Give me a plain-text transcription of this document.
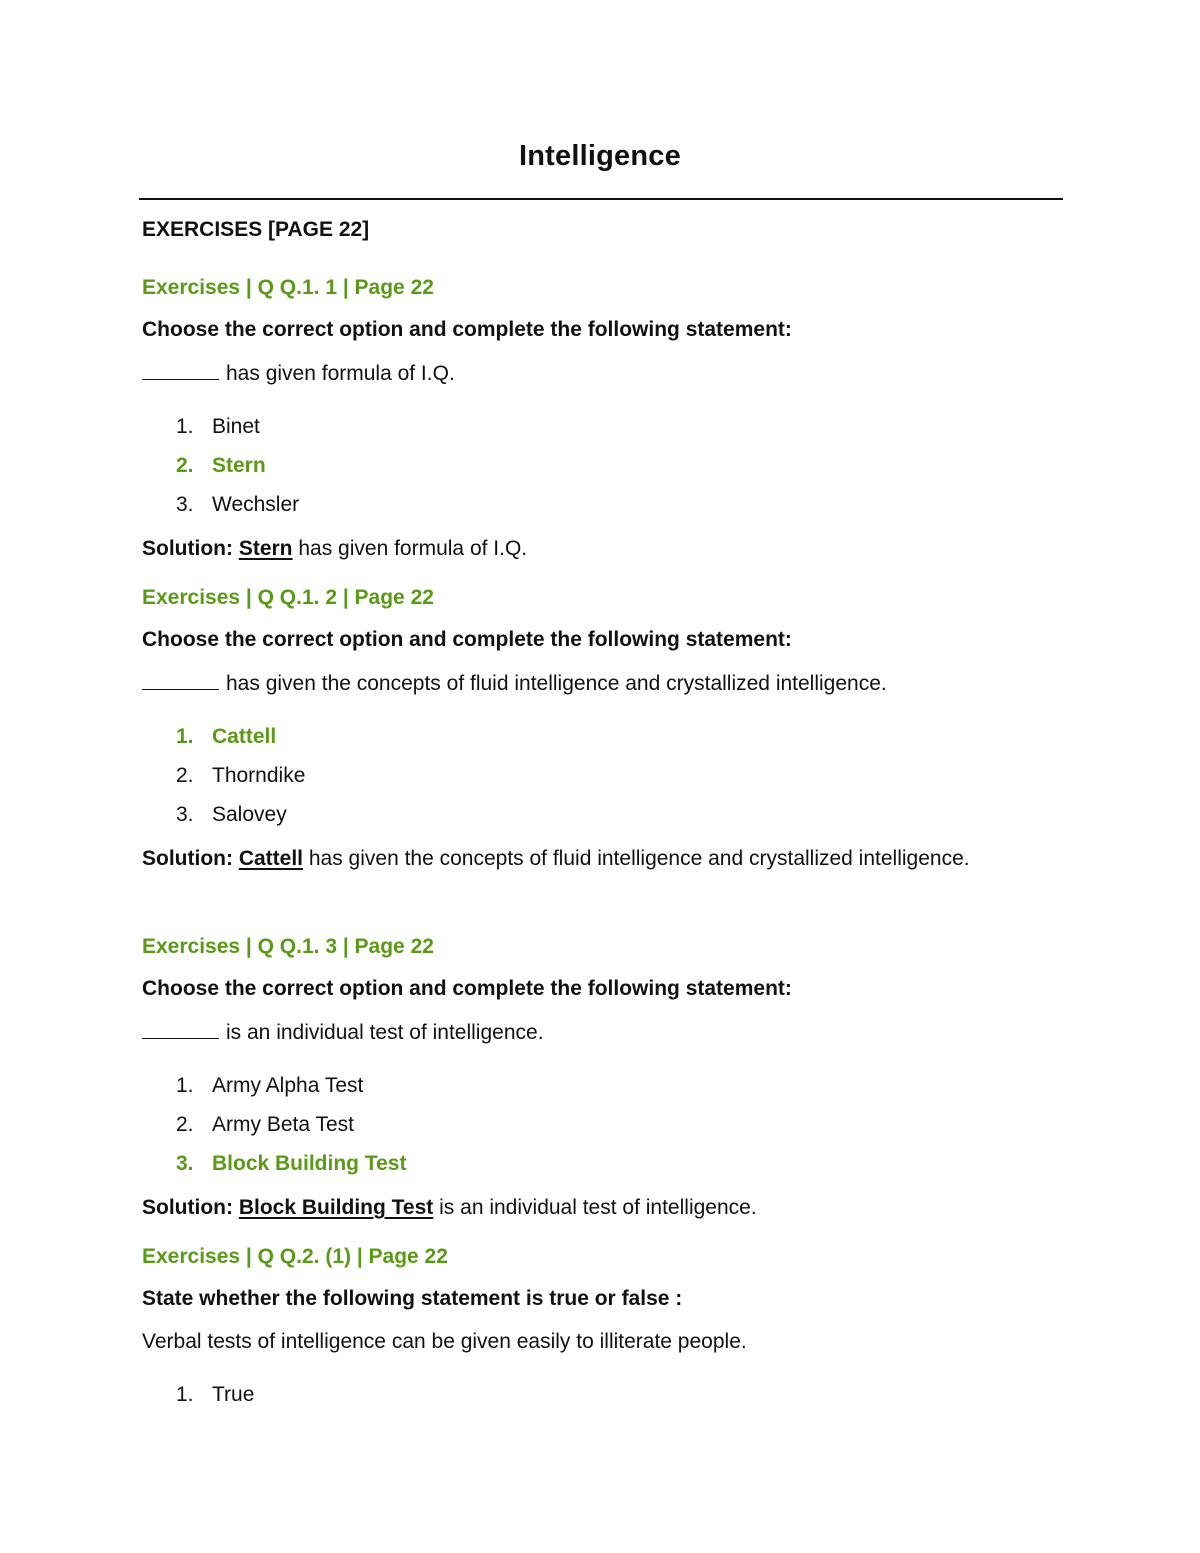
Intelligence
EXERCISES [PAGE 22]
Exercises | Q Q.1. 1 | Page 22
Choose the correct option and complete the following statement:
has given formula of I.Q.
1. Binet
2. Stern
3. Wechsler
Solution: Stern has given formula of I.Q.
Exercises | Q Q.1. 2 | Page 22
Choose the correct option and complete the following statement:
has given the concepts of fluid intelligence and crystallized intelligence.
1. Cattell
2. Thorndike
3. Salovey
Solution: Cattell has given the concepts of fluid intelligence and crystallized intelligence.
Exercises | Q Q.1. 3 | Page 22
Choose the correct option and complete the following statement:
is an individual test of intelligence.
1. Army Alpha Test
2. Army Beta Test
3. Block Building Test
Solution: Block Building Test is an individual test of intelligence.
Exercises | Q Q.2. (1) | Page 22
State whether the following statement is true or false :
Verbal tests of intelligence can be given easily to illiterate people.
1. True
